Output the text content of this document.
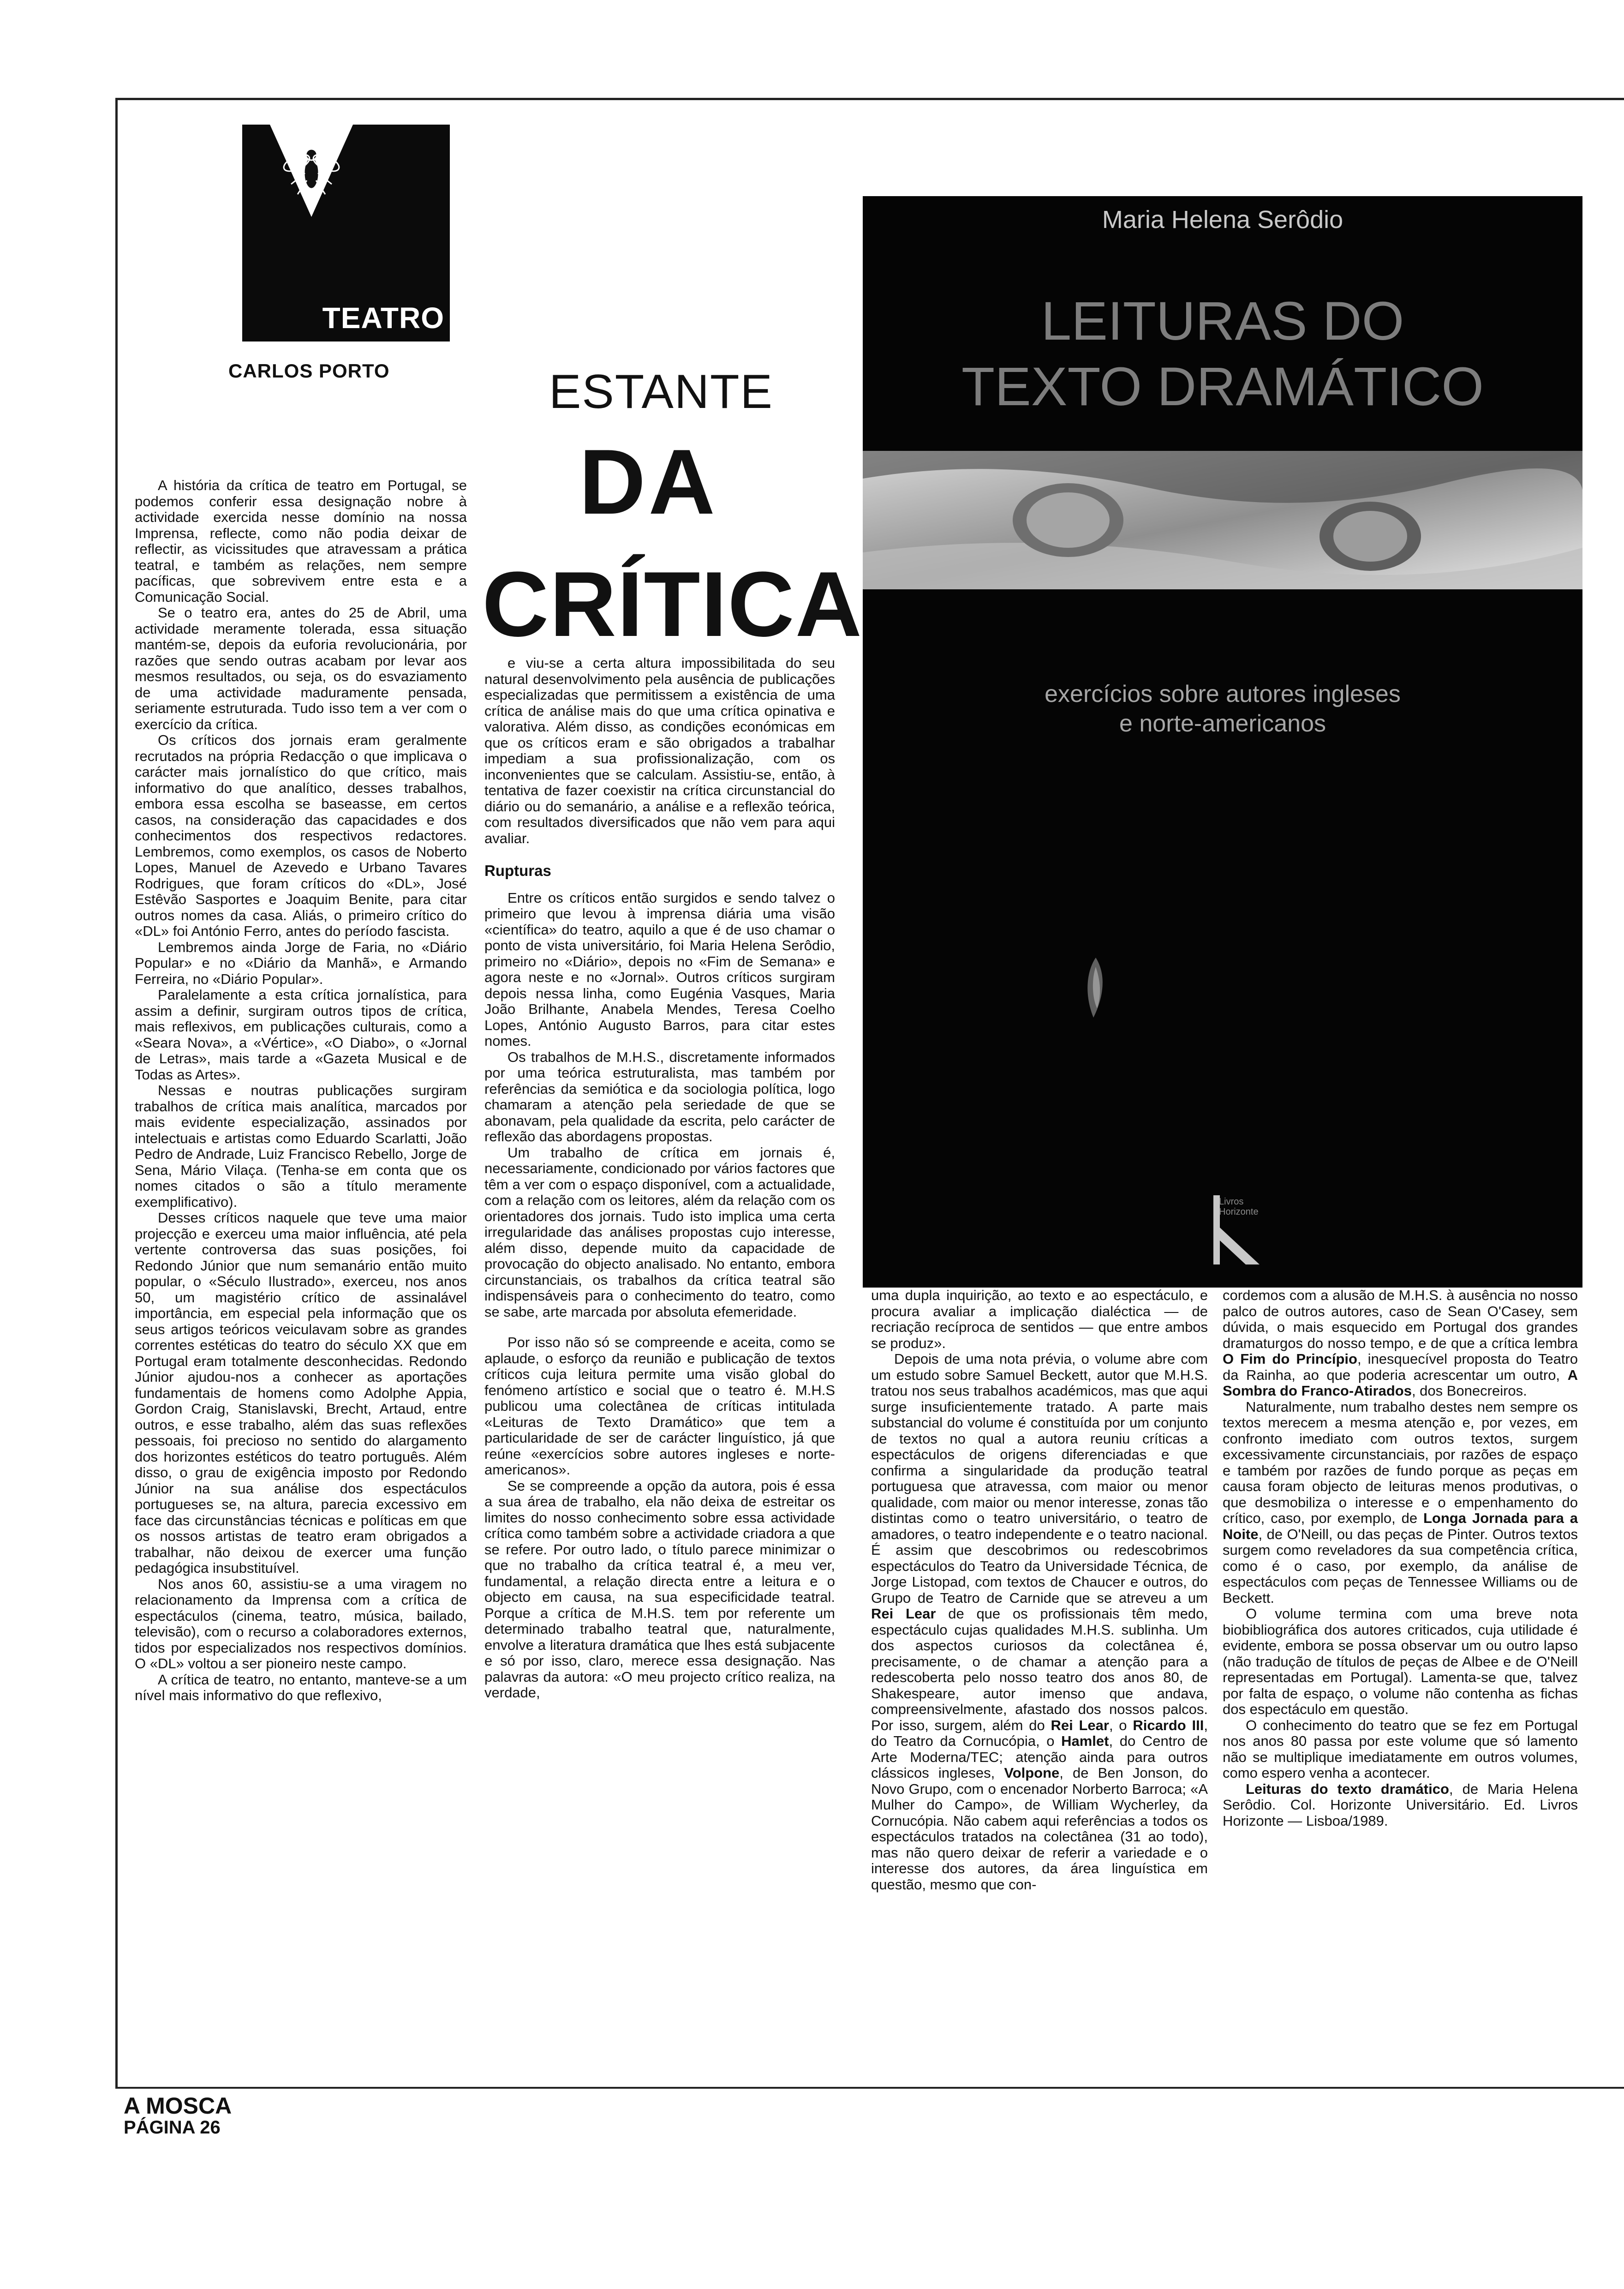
TEATRO
CARLOS PORTO	ESTANTE
DA
CRÍTICA

A história da crítica de teatro em Portugal, se podemos conferir essa designação nobre à actividade exercida nesse domínio na nossa Imprensa, reflecte, como não podia deixar de reflectir, as vicissitudes que atravessam a prática teatral, e também as relações, nem sempre pacíficas, que sobrevivem entre esta e a Comunicação Social.

Se o teatro era, antes do 25 de Abril, uma actividade meramente tolerada, essa situação mantém-se, depois da euforia revolucionária, por razões que sendo outras acabam por levar aos mesmos resultados, ou seja, os do esvaziamento de uma actividade maduramente pensada, seriamente estruturada. Tudo isso tem a ver com o exercício da crítica.

Os críticos dos jornais eram geralmente recrutados na própria Redacção o que implicava o carácter mais jornalístico do que crítico, mais informativo do que analítico, desses trabalhos, embora essa escolha se baseasse, em certos casos, na consideração das capacidades e dos conhecimentos dos respectivos redactores. Lembremos, como exemplos, os casos de Noberto Lopes, Manuel de Azevedo e Urbano Tavares Rodrigues, que foram críticos do «DL», José Estêvão Sasportes e Joaquim Benite, para citar outros nomes da casa. Aliás, o primeiro crítico do «DL» foi António Ferro, antes do período fascista.

Lembremos ainda Jorge de Faria, no «Diário Popular» e no «Diário da Manhã», e Armando Ferreira, no «Diário Popular».

Paralelamente a esta crítica jornalística, para assim a definir, surgiram outros tipos de crítica, mais reflexivos, em publicações culturais, como a «Seara Nova», a «Vértice», «O Diabo», o «Jornal de Letras», mais tarde a «Gazeta Musical e de Todas as Artes».

Nessas e noutras publicações surgiram trabalhos de crítica mais analítica, marcados por mais evidente especialização, assinados por intelectuais e artistas como Eduardo Scarlatti, João Pedro de Andrade, Luiz Francisco Rebello, Jorge de Sena, Mário Vilaça. (Tenha-se em conta que os nomes citados o são a título meramente exemplificativo).

Desses críticos naquele que teve uma maior projecção e exerceu uma maior influência, até pela vertente controversa das suas posições, foi Redondo Júnior que num semanário então muito popular, o «Século Ilustrado», exerceu, nos anos 50, um magistério crítico de assinalável importância, em especial pela informação que os seus artigos teóricos veiculavam sobre as grandes correntes estéticas do teatro do século XX que em Portugal eram totalmente desconhecidas. Redondo Júnior ajudou-nos a conhecer as aportações fundamentais de homens como Adolphe Appia, Gordon Craig, Stanislavski, Brecht, Artaud, entre outros, e esse trabalho, além das suas reflexões pessoais, foi precioso no sentido do alargamento dos horizontes estéticos do teatro português. Além disso, o grau de exigência imposto por Redondo Júnior na sua análise dos espectáculos portugueses se, na altura, parecia excessivo em face das circunstâncias técnicas e políticas em que os nossos artistas de teatro eram obrigados a trabalhar, não deixou de exercer uma função pedagógica insubstituível.

Nos anos 60, assistiu-se a uma viragem no relacionamento da Imprensa com a crítica de espectáculos (cinema, teatro, música, bailado, televisão), com o recurso a colaboradores externos, tidos por especializados nos respectivos domínios. O «DL» voltou a ser pioneiro neste campo.

A crítica de teatro, no entanto, manteve-se a um nível mais informativo do que reflexivo,

e viu-se a certa altura impossibilitada do seu natural desenvolvimento pela ausência de publicações especializadas que permitissem a existência de uma crítica de análise mais do que uma crítica opinativa e valorativa. Além disso, as condições económicas em que os críticos eram e são obrigados a trabalhar impediam a sua profissionalização, com os inconvenientes que se calculam. Assistiu-se, então, à tentativa de fazer coexistir na crítica circunstancial do diário ou do semanário, a análise e a reflexão teórica, com resultados diversificados que não vem para aqui avaliar.

Rupturas

Entre os críticos então surgidos e sendo talvez o primeiro que levou à imprensa diária uma visão «científica» do teatro, aquilo a que é de uso chamar o ponto de vista universitário, foi Maria Helena Serôdio, primeiro no «Diário», depois no «Fim de Semana» e agora neste e no «Jornal». Outros críticos surgiram depois nessa linha, como Eugénia Vasques, Maria João Brilhante, Anabela Mendes, Teresa Coelho Lopes, António Augusto Barros, para citar estes nomes.

Os trabalhos de M.H.S., discretamente informados por uma teórica estruturalista, mas também por referências da semiótica e da sociologia política, logo chamaram a atenção pela seriedade de que se abonavam, pela qualidade da escrita, pelo carácter de reflexão das abordagens propostas.

Um trabalho de crítica em jornais é, necessariamente, condicionado por vários factores que têm a ver com o espaço disponível, com a actualidade, com a relação com os leitores, além da relação com os orientadores dos jornais. Tudo isto implica uma certa irregularidade das análises propostas cujo interesse, além disso, depende muito da capacidade de provocação do objecto analisado. No entanto, embora circunstanciais, os trabalhos da crítica teatral são indispensáveis para o conhecimento do teatro, como se sabe, arte marcada por absoluta efemeridade.

Por isso não só se compreende e aceita, como se aplaude, o esforço da reunião e publicação de textos críticos cuja leitura permite uma visão global do fenómeno artístico e social que o teatro é. M.H.S publicou uma colectânea de críticas intitulada «Leituras de Texto Dramático» que tem a particularidade de ser de carácter linguístico, já que reúne «exercícios sobre autores ingleses e norte-americanos».

Se se compreende a opção da autora, pois é essa a sua área de trabalho, ela não deixa de estreitar os limites do nosso conhecimento sobre essa actividade crítica como também sobre a actividade criadora a que se refere. Por outro lado, o título parece minimizar o que no trabalho da crítica teatral é, a meu ver, fundamental, a relação directa entre a leitura e o objecto em causa, na sua especificidade teatral. Porque a crítica de M.H.S. tem por referente um determinado trabalho teatral que, naturalmente, envolve a literatura dramática que lhes está subjacente e só por isso, claro, merece essa designação. Nas palavras da autora: «O meu projecto crítico realiza, na verdade,

Maria Helena Serôdio
LEITURAS DO
TEXTO DRAMÁTICO
exercícios sobre autores ingleses
e norte-americanos
Livros
Horizonte

uma dupla inquirição, ao texto e ao espectáculo, e procura avaliar a implicação dialéctica — de recriação recíproca de sentidos — que entre ambos se produz».

Depois de uma nota prévia, o volume abre com um estudo sobre Samuel Beckett, autor que M.H.S. tratou nos seus trabalhos académicos, mas que aqui surge insuficientemente tratado. A parte mais substancial do volume é constituída por um conjunto de textos no qual a autora reuniu críticas a espectáculos de origens diferenciadas e que confirma a singularidade da produção teatral portuguesa que atravessa, com maior ou menor qualidade, com maior ou menor interesse, zonas tão distintas como o teatro universitário, o teatro de amadores, o teatro independente e o teatro nacional. É assim que descobrimos ou redescobrimos espectáculos do Teatro da Universidade Técnica, de Jorge Listopad, com textos de Chaucer e outros, do Grupo de Teatro de Carnide que se atreveu a um Rei Lear de que os profissionais têm medo, espectáculo cujas qualidades M.H.S. sublinha. Um dos aspectos curiosos da colectânea é, precisamente, o de chamar a atenção para a redescoberta pelo nosso teatro dos anos 80, de Shakespeare, autor imenso que andava, compreensivelmente, afastado dos nossos palcos. Por isso, surgem, além do Rei Lear, o Ricardo III, do Teatro da Cornucópia, o Hamlet, do Centro de Arte Moderna/TEC; atenção ainda para outros clássicos ingleses, Volpone, de Ben Jonson, do Novo Grupo, com o encenador Norberto Barroca; «A Mulher do Campo», de William Wycherley, da Cornucópia. Não cabem aqui referências a todos os espectáculos tratados na colectânea (31 ao todo), mas não quero deixar de referir a variedade e o interesse dos autores, da área linguística em questão, mesmo que con-

cordemos com a alusão de M.H.S. à ausência no nosso palco de outros autores, caso de Sean O'Casey, sem dúvida, o mais esquecido em Portugal dos grandes dramaturgos do nosso tempo, e de que a crítica lembra O Fim do Princípio, inesquecível proposta do Teatro da Rainha, ao que poderia acrescentar um outro, A Sombra do Franco-Atirados, dos Bonecreiros.

Naturalmente, num trabalho destes nem sempre os textos merecem a mesma atenção e, por vezes, em confronto imediato com outros textos, surgem excessivamente circunstanciais, por razões de espaço e também por razões de fundo porque as peças em causa foram objecto de leituras menos produtivas, o que desmobiliza o interesse e o empenhamento do crítico, caso, por exemplo, de Longa Jornada para a Noite, de O'Neill, ou das peças de Pinter. Outros textos surgem como reveladores da sua competência crítica, como é o caso, por exemplo, da análise de espectáculos com peças de Tennessee Williams ou de Beckett.

O volume termina com uma breve nota biobibliográfica dos autores criticados, cuja utilidade é evidente, embora se possa observar um ou outro lapso (não tradução de títulos de peças de Albee e de O'Neill representadas em Portugal). Lamenta-se que, talvez por falta de espaço, o volume não contenha as fichas dos espectáculo em questão.

O conhecimento do teatro que se fez em Portugal nos anos 80 passa por este volume que só lamento não se multiplique imediatamente em outros volumes, como espero venha a acontecer.

Leituras do texto dramático, de Maria Helena Serôdio. Col. Horizonte Universitário. Ed. Livros Horizonte — Lisboa/1989.

A MOSCA
PÁGINA 26
